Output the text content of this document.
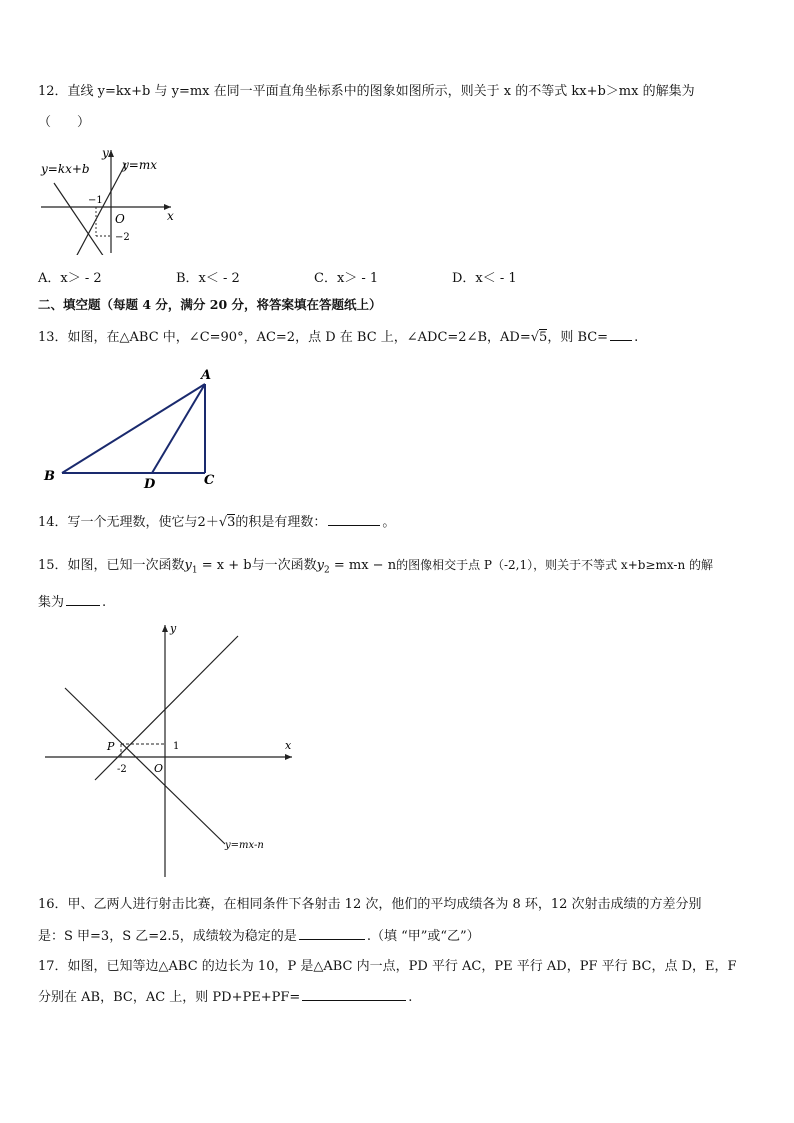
12．直线 y=kx+b 与 y=mx 在同一平面直角坐标系中的图象如图所示，则关于 x 的不等式 kx+b＞mx 的解集为
（　　）
y=kx+b	y=mx
y
x
O
−1
−2
A．x＞ - 2	B．x＜ - 2	C．x＞ - 1	D．x＜ - 1
二、填空题（每题 4 分，满分 20 分，将答案填在答题纸上）
13．如图，在△ABC 中，∠C=90°，AC=2，点 D 在 BC 上，∠ADC=2∠B，AD=√5，则 BC= .
A
B	C
D
14．写一个无理数，使它与2＋√3的积是有理数：	。
15．如图，已知一次函数$y_1 = x + b$与一次函数$y_2$ = mx − n的图像相交于点 P（-2,1），则关于不等式 x+b≥mx-n 的解
集为	.
y
x
P	1
-2 O
y=mx-n
16．甲、乙两人进行射击比赛，在相同条件下各射击 12 次，他们的平均成绩各为 8 环，12 次射击成绩的方差分别
是：S 甲=3，S 乙=2.5，成绩较为稳定的是	.（填 “甲”或“乙”）
17．如图，已知等边△ABC 的边长为 10，P 是△ABC 内一点，PD 平行 AC，PE 平行 AD，PF 平行 BC，点 D，E，F
分别在 AB，BC，AC 上，则 PD+PE+PF=	.
